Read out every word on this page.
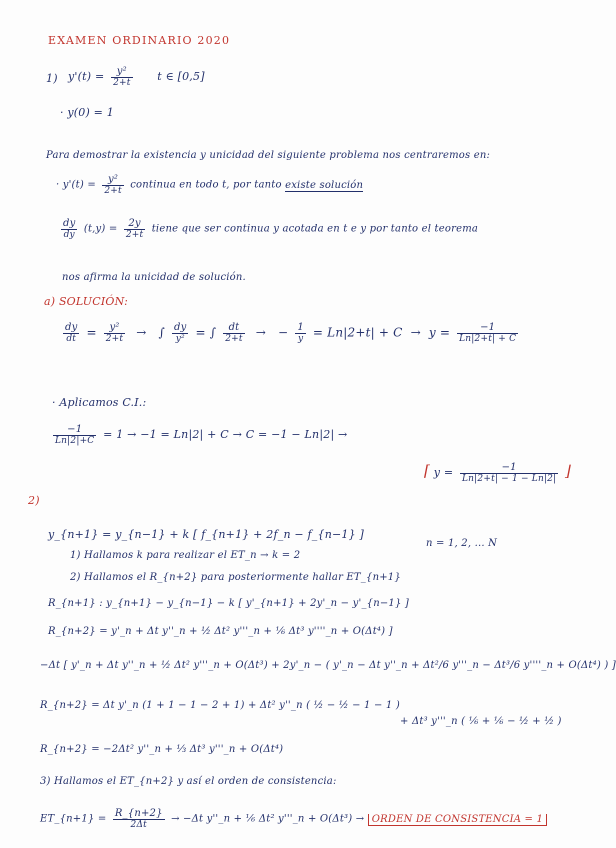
EXAMEN ORDINARIO 2020
1) $y'(t) = \frac{\text{y²}}{2+t}$ t ∈ [0,5]
· y(0) = 1
Para demostrar la existencia y unicidad del siguiente problema nos centraremos en:
· $y'(t) = \frac{\text{y²}}{2+t}$ continua en todo t, por tanto existe solución
$\frac{dy}{dy} (t,y) = \frac{2y}{2+t}$ tiene que ser continua y acotada en t e y por tanto el teorema
nos afirma la unicidad de solución.
a) SOLUCIÓN:
$\frac{dy}{dt} = \frac{\text{y²}}{2+t}$ →   ∫ $\frac{dy}{\text{y²}}$ = ∫ $\frac{dt}{2+t}$ →   − $\frac{1}{y} = Ln|2+t| + C \to y = \frac{-1}{Ln|2+t| + C}$
· Aplicamos C.I.:
$\frac{-1}{Ln|2|+C} = 1 \to -1 = Ln|2| + C \to C = -1 - Ln|2|$ →
⌈ $y = \frac{-1}{Ln|2+t| - 1 - Ln|2|}$ ⌋
2)
y_{n+1} = y_{n−1} + k [ f_{n+1} + 2f_n − f_{n−1} ]
n = 1, 2, ... N
1) Hallamos k para realizar el ET_n → k = 2
2) Hallamos el R_{n+2} para posteriormente hallar ET_{n+1}
R_{n+1} : y_{n+1} − y_{n−1} − k [ y'_{n+1} + 2y'_n − y'_{n−1} ]
R_{n+2} = y'_n + Δt y''_n + ½ Δt² y'''_n + ⅙ Δt³ y''''_n + O(Δt⁴) ]
−Δt [ y'_n + Δt y''_n + ½ Δt² y'''_n + O(Δt³) + 2y'_n − ( y'_n − Δt y''_n + Δt²/6 y'''_n − Δt³/6 y''''_n + O(Δt⁴) ) ]
R_{n+2} = Δt y'_n (1 + 1 − 1 − 2 + 1) + Δt² y''_n ( ½ − ½ − 1 − 1 )
+ Δt³ y'''_n ( ⅙ + ⅙ − ½ + ½ )
R_{n+2} = −2Δt² y''_n + ⅓ Δt³ y'''_n + O(Δt⁴)
3) Hallamos el ET_{n+2} y así el orden de consistencia:
ET_{n+1} = $\frac{R\_\{n+2\}}{2\Delta t} \to -\Delta t$ y''_n + ⅙ Δt² y'''_n + O(Δt³) → ORDEN DE CONSISTENCIA = 1
